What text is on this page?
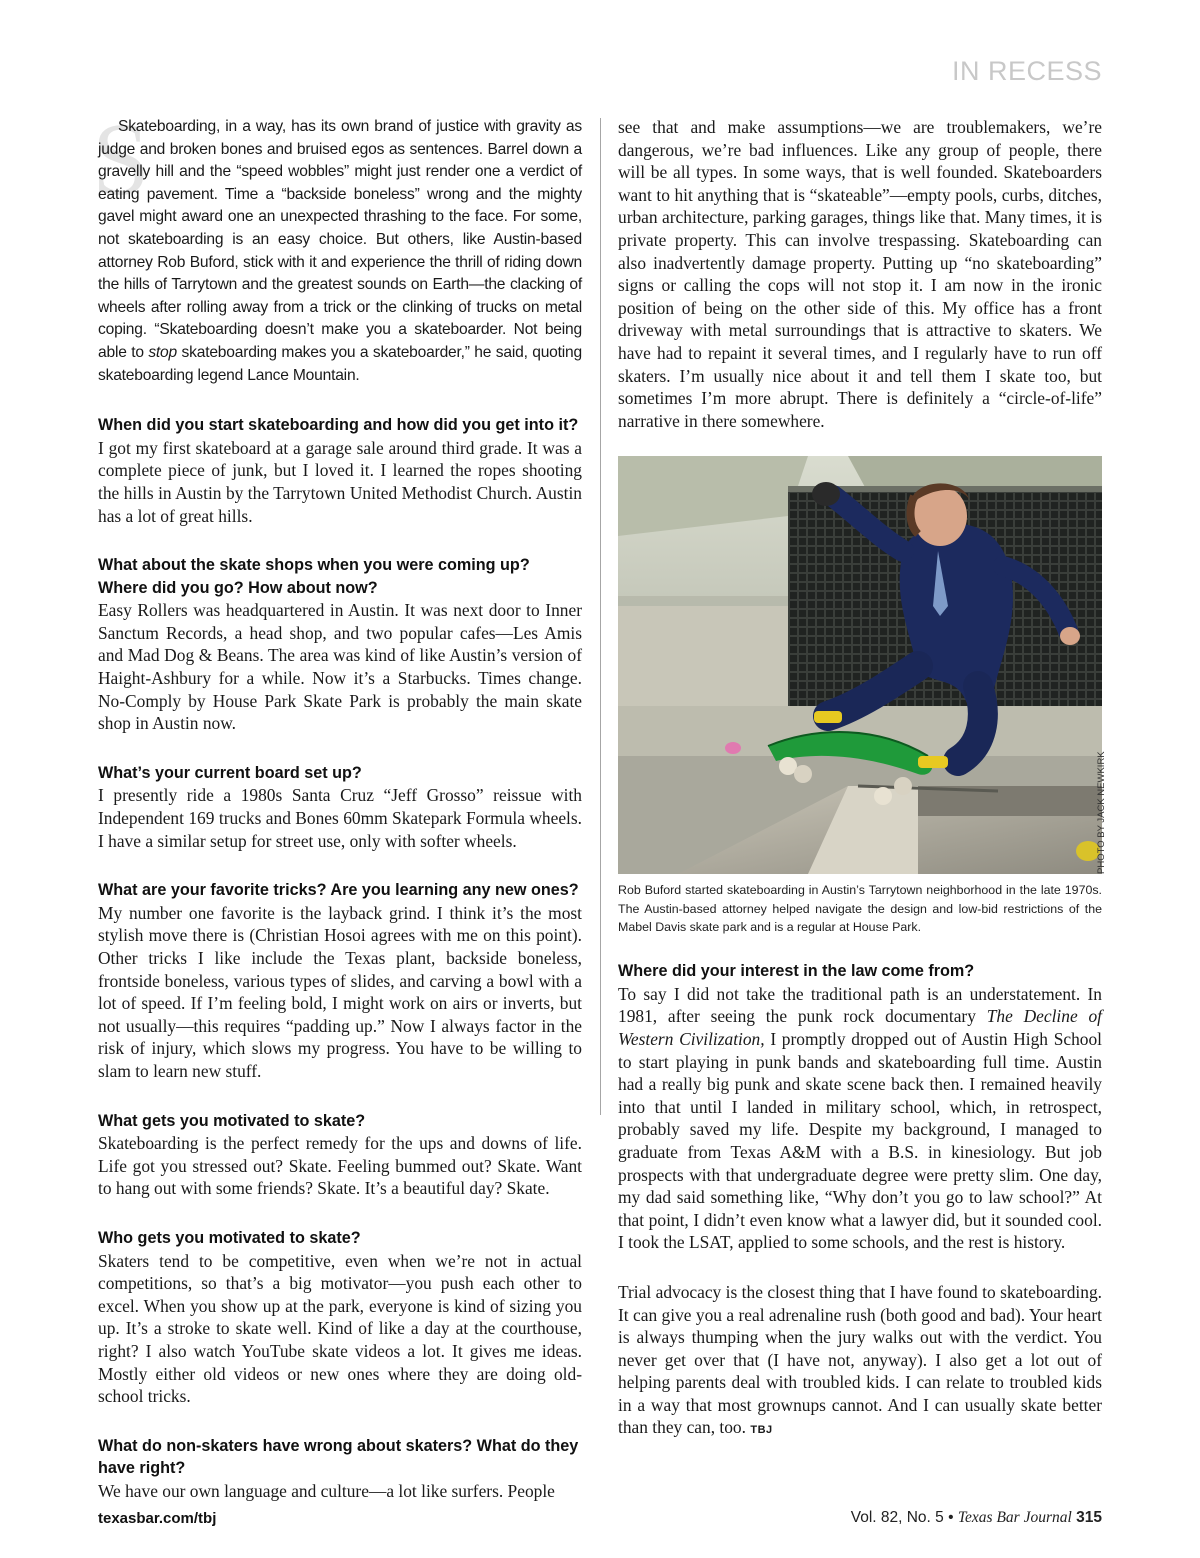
IN RECESS

S
Skateboarding, in a way, has its own brand of justice with gravity as judge and broken bones and bruised egos as sentences. Barrel down a gravelly hill and the “speed wobbles” might just render one a verdict of eating pavement. Time a “backside boneless” wrong and the mighty gavel might award one an unexpected thrashing to the face. For some, not skateboarding is an easy choice. But others, like Austin-based attorney Rob Buford, stick with it and experience the thrill of riding down the hills of Tarrytown and the greatest sounds on Earth—the clacking of wheels after rolling away from a trick or the clinking of trucks on metal coping. “Skateboarding doesn’t make you a skateboarder. Not being able to stop skateboarding makes you a skateboarder,” he said, quoting skateboarding legend Lance Mountain.

When did you start skateboarding and how did you get into it?

I got my first skateboard at a garage sale around third grade. It was a complete piece of junk, but I loved it. I learned the ropes shooting the hills in Austin by the Tarrytown United Methodist Church. Austin has a lot of great hills.

What about the skate shops when you were coming up? Where did you go? How about now?

Easy Rollers was headquartered in Austin. It was next door to Inner Sanctum Records, a head shop, and two popular cafes—Les Amis and Mad Dog & Beans. The area was kind of like Austin’s version of Haight-Ashbury for a while. Now it’s a Starbucks. Times change. No-Comply by House Park Skate Park is probably the main skate shop in Austin now.

What’s your current board set up?

I presently ride a 1980s Santa Cruz “Jeff Grosso” reissue with Independent 169 trucks and Bones 60mm Skatepark Formula wheels. I have a similar setup for street use, only with softer wheels.

What are your favorite tricks? Are you learning any new ones?

My number one favorite is the layback grind. I think it’s the most stylish move there is (Christian Hosoi agrees with me on this point). Other tricks I like include the Texas plant, backside boneless, frontside boneless, various types of slides, and carving a bowl with a lot of speed. If I’m feeling bold, I might work on airs or inverts, but not usually—this requires “padding up.” Now I always factor in the risk of injury, which slows my progress. You have to be willing to slam to learn new stuff.

What gets you motivated to skate?

Skateboarding is the perfect remedy for the ups and downs of life. Life got you stressed out? Skate. Feeling bummed out? Skate. Want to hang out with some friends? Skate. It’s a beautiful day? Skate.

Who gets you motivated to skate?

Skaters tend to be competitive, even when we’re not in actual competitions, so that’s a big motivator—you push each other to excel. When you show up at the park, everyone is kind of sizing you up. It’s a stroke to skate well. Kind of like a day at the courthouse, right? I also watch YouTube skate videos a lot. It gives me ideas. Mostly either old videos or new ones where they are doing old-school tricks.

What do non-skaters have wrong about skaters? What do they have right?

We have our own language and culture—a lot like surfers. People

see that and make assumptions—we are troublemakers, we’re dangerous, we’re bad influences. Like any group of people, there will be all types. In some ways, that is well founded. Skateboarders want to hit anything that is “skateable”—empty pools, curbs, ditches, urban architecture, parking garages, things like that. Many times, it is private property. This can involve trespassing. Skateboarding can also inadvertently damage property. Putting up “no skateboarding” signs or calling the cops will not stop it. I am now in the ironic position of being on the other side of this. My office has a front driveway with metal surroundings that is attractive to skaters. We have had to repaint it several times, and I regularly have to run off skaters. I’m usually nice about it and tell them I skate too, but sometimes I’m more abrupt. There is definitely a “circle-of-life” narrative in there somewhere.

Rob Buford started skateboarding in Austin’s Tarrytown neighborhood in the late 1970s. The Austin-based attorney helped navigate the design and low-bid restrictions of the Mabel Davis skate park and is a regular at House Park.

Where did your interest in the law come from?

To say I did not take the traditional path is an understatement. In 1981, after seeing the punk rock documentary The Decline of Western Civilization, I promptly dropped out of Austin High School to start playing in punk bands and skateboarding full time. Austin had a really big punk and skate scene back then. I remained heavily into that until I landed in military school, which, in retrospect, probably saved my life. Despite my background, I managed to graduate from Texas A&M with a B.S. in kinesiology. But job prospects with that undergraduate degree were pretty slim. One day, my dad said something like, “Why don’t you go to law school?” At that point, I didn’t even know what a lawyer did, but it sounded cool. I took the LSAT, applied to some schools, and the rest is history.

Trial advocacy is the closest thing that I have found to skateboarding. It can give you a real adrenaline rush (both good and bad). Your heart is always thumping when the jury walks out with the verdict. You never get over that (I have not, anyway). I also get a lot out of helping parents deal with troubled kids. I can relate to troubled kids in a way that most grownups cannot. And I can usually skate better than they can, too. TBJ

PHOTO BY JACK NEWKIRK
texasbar.com/tbj	Vol. 82, No. 5 • Texas Bar Journal 315
